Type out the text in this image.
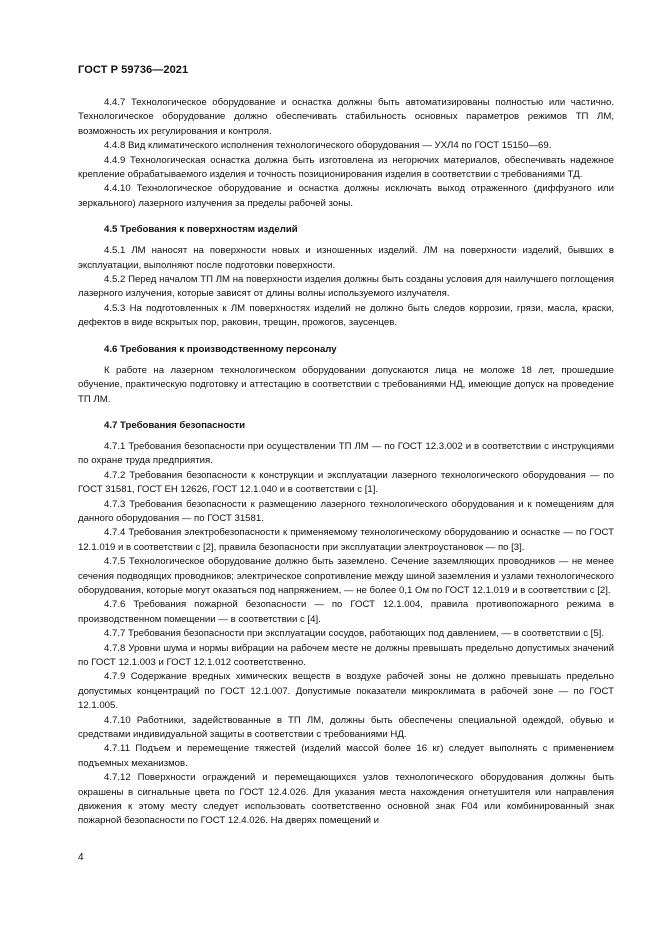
ГОСТ Р 59736—2021

4.4.7 Технологическое оборудование и оснастка должны быть автоматизированы полностью или частично. Технологическое оборудование должно обеспечивать стабильность основных параметров режимов ТП ЛМ, возможность их регулирования и контроля.

4.4.8 Вид климатического исполнения технологического оборудования — УХЛ4 по ГОСТ 15150—69.

4.4.9 Технологическая оснастка должна быть изготовлена из негорючих материалов, обеспечивать надежное крепление обрабатываемого изделия и точность позиционирования изделия в соответствии с требованиями ТД.

4.4.10 Технологическое оборудование и оснастка должны исключать выход отраженного (диффузного или зеркального) лазерного излучения за пределы рабочей зоны.

4.5 Требования к поверхностям изделий

4.5.1 ЛМ наносят на поверхности новых и изношенных изделий. ЛМ на поверхности изделий, бывших в эксплуатации, выполняют после подготовки поверхности.

4.5.2 Перед началом ТП ЛМ на поверхности изделия должны быть созданы условия для наилучшего поглощения лазерного излучения, которые зависят от длины волны используемого излучателя.

4.5.3 На подготовленных к ЛМ поверхностях изделий не должно быть следов коррозии, грязи, масла, краски, дефектов в виде вскрытых пор, раковин, трещин, прожогов, заусенцев.

4.6 Требования к производственному персоналу

К работе на лазерном технологическом оборудовании допускаются лица не моложе 18 лет, прошедшие обучение, практическую подготовку и аттестацию в соответствии с требованиями НД, имеющие допуск на проведение ТП ЛМ.

4.7 Требования безопасности

4.7.1 Требования безопасности при осуществлении ТП ЛМ — по ГОСТ 12.3.002 и в соответствии с инструкциями по охране труда предприятия.

4.7.2 Требования безопасности к конструкции и эксплуатации лазерного технологического оборудования — по ГОСТ 31581, ГОСТ ЕН 12626, ГОСТ 12.1.040 и в соответствии с [1].

4.7.3 Требования безопасности к размещению лазерного технологического оборудования и к помещениям для данного оборудования — по ГОСТ 31581.

4.7.4 Требования электробезопасности к применяемому технологическому оборудованию и оснастке — по ГОСТ 12.1.019 и в соответствии с [2], правила безопасности при эксплуатации электроустановок — по [3].

4.7.5 Технологическое оборудование должно быть заземлено. Сечение заземляющих проводников — не менее сечения подводящих проводников; электрическое сопротивление между шиной заземления и узлами технологического оборудования, которые могут оказаться под напряжением, — не более 0,1 Ом по ГОСТ 12.1.019 и в соответствии с [2].

4.7.6 Требования пожарной безопасности — по ГОСТ 12.1.004, правила противопожарного режима в производственном помещении — в соответствии с [4].

4.7.7 Требования безопасности при эксплуатации сосудов, работающих под давлением, — в соответствии с [5].

4.7.8 Уровни шума и нормы вибрации на рабочем месте не должны превышать предельно допустимых значений по ГОСТ 12.1.003 и ГОСТ 12.1.012 соответственно.

4.7.9 Содержание вредных химических веществ в воздухе рабочей зоны не должно превышать предельно допустимых концентраций по ГОСТ 12.1.007. Допустимые показатели микроклимата в рабочей зоне — по ГОСТ 12.1.005.

4.7.10 Работники, задействованные в ТП ЛМ, должны быть обеспечены специальной одеждой, обувью и средствами индивидуальной защиты в соответствии с требованиями НД.

4.7.11 Подъем и перемещение тяжестей (изделий массой более 16 кг) следует выполнять с применением подъемных механизмов.

4.7.12 Поверхности ограждений и перемещающихся узлов технологического оборудования должны быть окрашены в сигнальные цвета по ГОСТ 12.4.026. Для указания места нахождения огнетушителя или направления движения к этому месту следует использовать соответственно основной знак F04 или комбинированный знак пожарной безопасности по ГОСТ 12.4.026. На дверях помещений и

4
